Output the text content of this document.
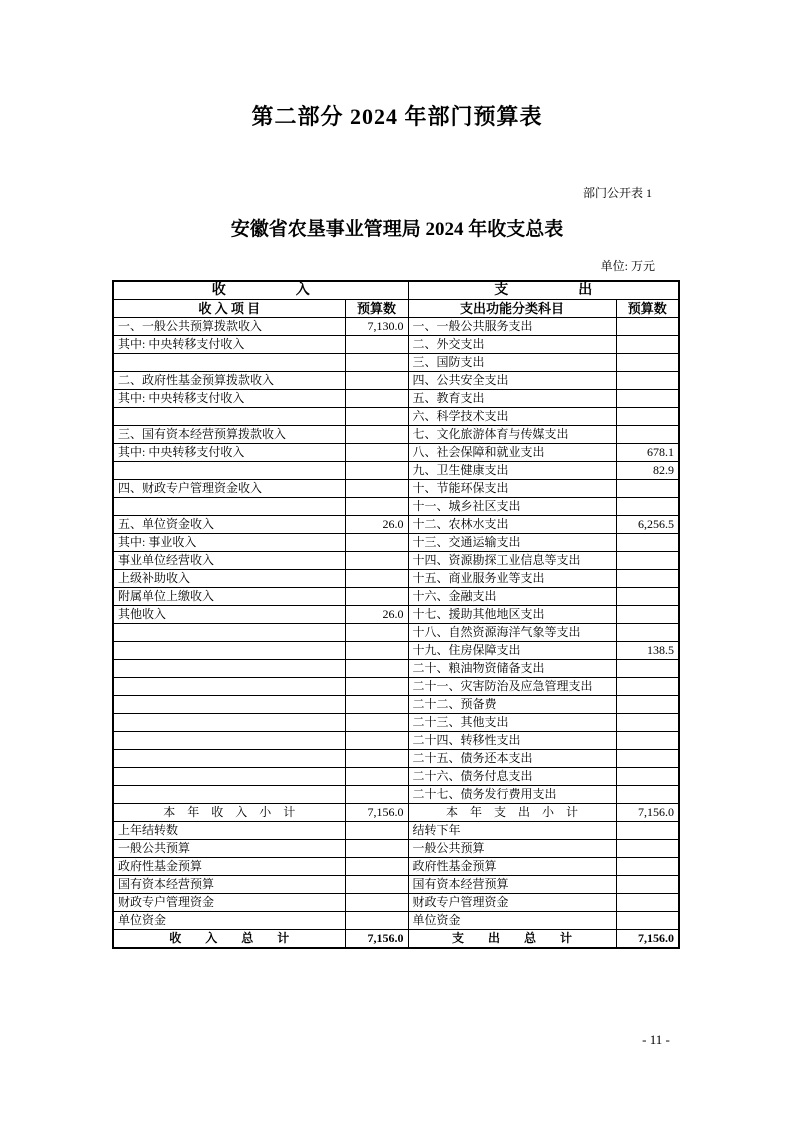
第二部分 2024 年部门预算表
部门公开表 1
安徽省农垦事业管理局 2024 年收支总表
单位: 万元
收　　　　　入		支　　　　　出	
收 入 项 目	预算数	支出功能分类科目	预算数
一、一般公共预算拨款收入	7,130.0	一、一般公共服务支出	
其中: 中央转移支付收入		二、外交支出	
		三、国防支出	
二、政府性基金预算拨款收入		四、公共安全支出	
其中: 中央转移支付收入		五、教育支出	
		六、科学技术支出	
三、国有资本经营预算拨款收入		七、文化旅游体育与传媒支出	
其中: 中央转移支付收入		八、社会保障和就业支出	678.1
		九、卫生健康支出	82.9
四、财政专户管理资金收入		十、节能环保支出	
		十一、城乡社区支出	
五、单位资金收入	26.0	十二、农林水支出	6,256.5
其中: 事业收入		十三、交通运输支出	
事业单位经营收入		十四、资源勘探工业信息等支出	
上级补助收入		十五、商业服务业等支出	
附属单位上缴收入		十六、金融支出	
其他收入	26.0	十七、援助其他地区支出	
		十八、自然资源海洋气象等支出	
		十九、住房保障支出	138.5
		二十、粮油物资储备支出	
		二十一、灾害防治及应急管理支出	
		二十二、预备费	
		二十三、其他支出	
		二十四、转移性支出	
		二十五、债务还本支出	
		二十六、债务付息支出	
		二十七、债务发行费用支出	
本　年　收　入　小　计	7,156.0	本　年　支　出　小　计	7,156.0
上年结转数		结转下年	
一般公共预算		一般公共预算	
政府性基金预算		政府性基金预算	
国有资本经营预算		国有资本经营预算	
财政专户管理资金		财政专户管理资金	
单位资金		单位资金	
收　　入　　总　　计	7,156.0	支　　出　　总　　计	7,156.0
- 11 -
